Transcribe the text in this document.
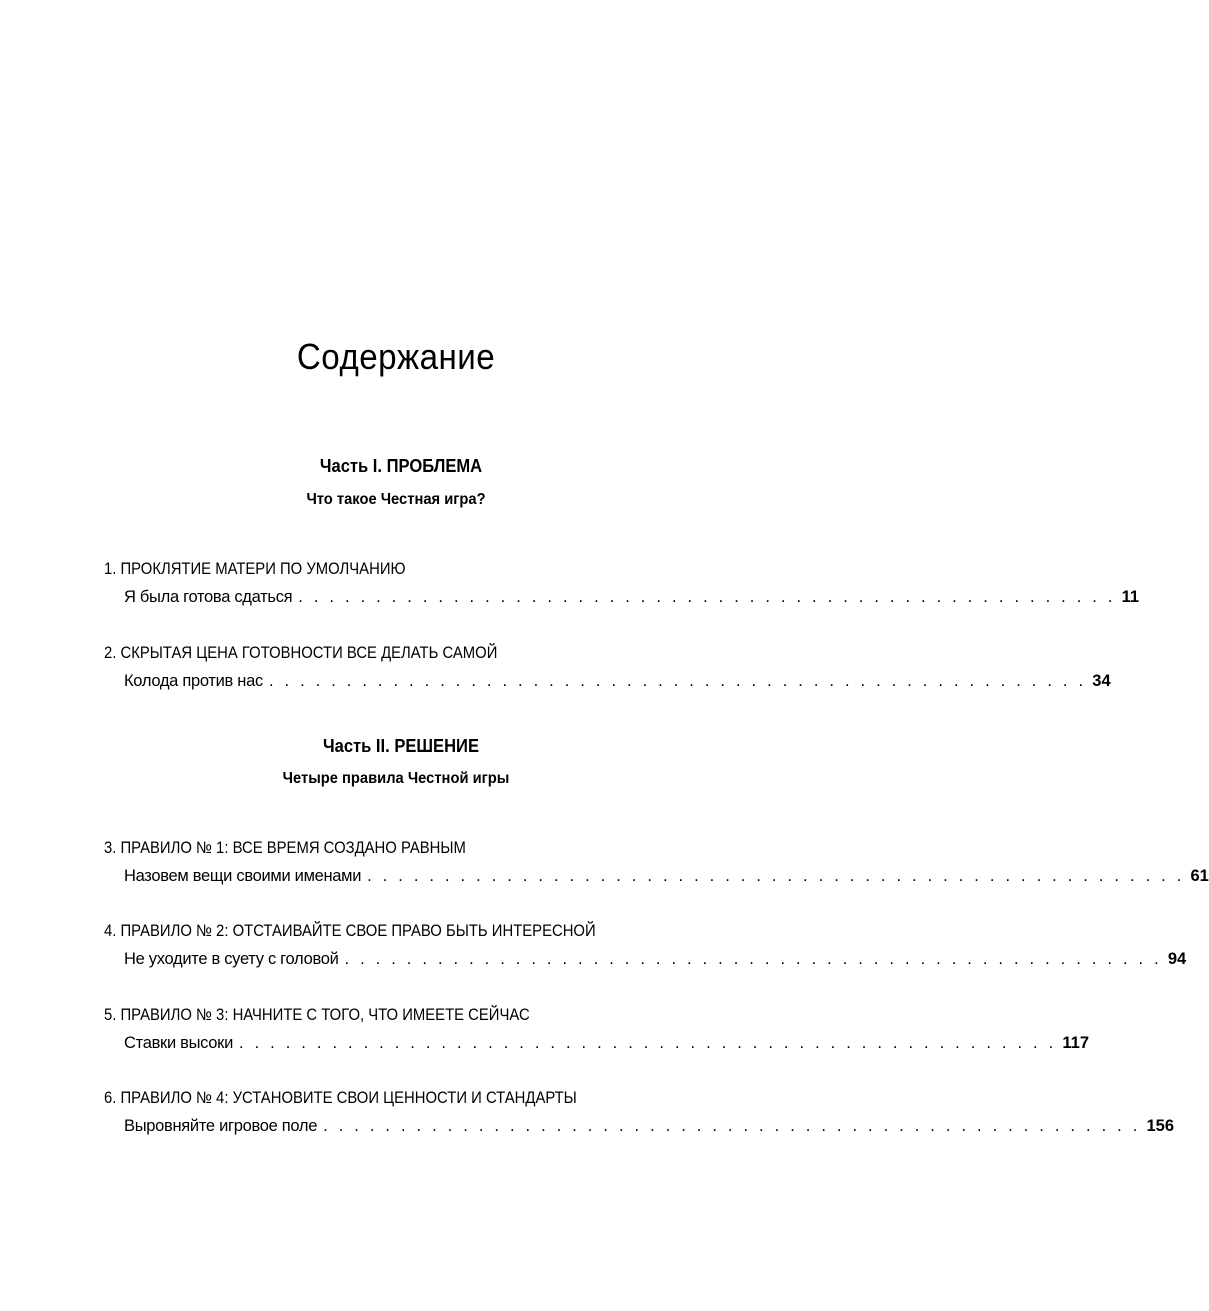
Содержание
Часть I. ПРОБЛЕМА
Что такое Честная игра?
1. ПРОКЛЯТИЕ МАТЕРИ ПО УМОЛЧАНИЮ
Я была готова сдаться . . . . . . . . . . . . . . . . . . . . . . . . . . . . . . . . . . . . . . . . . . . . . . . . . . . . . 11
2. СКРЫТАЯ ЦЕНА ГОТОВНОСТИ ВСЕ ДЕЛАТЬ САМОЙ
Колода против нас . . . . . . . . . . . . . . . . . . . . . . . . . . . . . . . . . . . . . . . . . . . . . . . . . . . . . 34
Часть II. РЕШЕНИЕ
Четыре правила Честной игры
3. ПРАВИЛО № 1: ВСЕ ВРЕМЯ СОЗДАНО РАВНЫМ
Назовем вещи своими именами . . . . . . . . . . . . . . . . . . . . . . . . . . . . . . . . . . . . . . . . . . . . . . . . . . . . . 61
4. ПРАВИЛО № 2: ОТСТАИВАЙТЕ СВОЕ ПРАВО БЫТЬ ИНТЕРЕСНОЙ
Не уходите в суету с головой . . . . . . . . . . . . . . . . . . . . . . . . . . . . . . . . . . . . . . . . . . . . . . . . . . . . . 94
5. ПРАВИЛО № 3: НАЧНИТЕ С ТОГО, ЧТО ИМЕЕТЕ СЕЙЧАС
Ставки высоки . . . . . . . . . . . . . . . . . . . . . . . . . . . . . . . . . . . . . . . . . . . . . . . . . . . . . 117
6. ПРАВИЛО № 4: УСТАНОВИТЕ СВОИ ЦЕННОСТИ И СТАНДАРТЫ
Выровняйте игровое поле . . . . . . . . . . . . . . . . . . . . . . . . . . . . . . . . . . . . . . . . . . . . . . . . . . . . . 156
